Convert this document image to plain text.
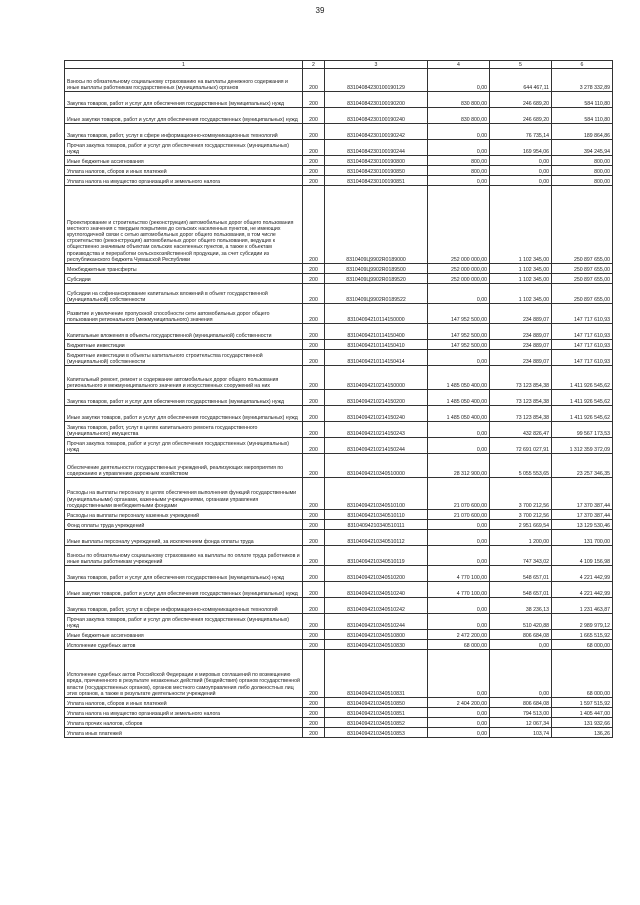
39
1	2	3	4	5	6
Взносы по обязательному социальному страхованию на выплаты денежного содержания и иные выплаты работникам государственных (муниципальных) органов	200	83104084230100190129	0,00	644 467,11	3 278 332,89
Закупка товаров, работ и услуг для обеспечения государственных (муниципальных) нужд	200	83104084230100190200	830 800,00	246 689,20	584 110,80
Иные закупки товаров, работ и услуг для обеспечения государственных (муниципальных) нужд	200	83104084230100190240	830 800,00	246 689,20	584 110,80
Закупка товаров, работ, услуг в сфере информационно-коммуникационных технологий	200	83104084230100190242	0,00	76 735,14	189 864,86
Прочая закупка товаров, работ и услуг для обеспечения государственных (муниципальных) нужд	200	83104084230100190244	0,00	169 954,06	394 245,94
Иные бюджетные ассигнования	200	83104084230100190800	800,00	0,00	800,00
Уплата налогов, сборов и иных платежей	200	83104084230100190850	800,00	0,00	800,00
Уплата налога на имущество организаций и земельного налога	200	83104084230100190851	0,00	0,00	800,00
Проектирование и строительство (реконструкция) автомобильных дорог общего пользования местного значения с твердым покрытием до сельских населенных пунктов, не имеющих круглогодичной связи с сетью автомобильных дорог общего пользования, в том числе строительство (реконструкция) автомобильных дорог общего пользования, ведущих к общественно значимым объектам сельских населенных пунктов, а также к объектам производства и переработки сельскохозяйственной продукции, за счет субсидии из республиканского бюджета Чувашской Республики	200	8310409Ц9902R0189000	252 000 000,00	1 102 345,00	250 897 655,00
Межбюджетные трансферты	200	8310409Ц9902R0189500	252 000 000,00	1 102 345,00	250 897 655,00
Субсидии	200	8310409Ц9902R0189520	252 000 000,00	1 102 345,00	250 897 655,00
Субсидии на софинансирование капитальных вложений в объект государственной (муниципальной) собственности	200	8310409Ц9902R0189522	0,00	1 102 345,00	250 897 655,00
Развитие и увеличение пропускной способности сети автомобильных дорог общего пользования регионального (межмуниципального) значения	200	83104094210114150000	147 952 500,00	234 889,07	147 717 610,93
Капитальные вложения в объекты государственной (муниципальной) собственности	200	83104094210114150400	147 952 500,00	234 889,07	147 717 610,93
Бюджетные инвестиции	200	83104094210114150410	147 952 500,00	234 889,07	147 717 610,93
Бюджетные инвестиции в объекты капитального строительства государственной (муниципальной) собственности	200	83104094210114150414	0,00	234 889,07	147 717 610,93
Капитальный ремонт, ремонт и содержание автомобильных дорог общего пользования регионального и межмуниципального значения и искусственных сооружений на них	200	83104094210214150000	1 485 050 400,00	73 123 854,38	1 411 926 545,62
Закупка товаров, работ и услуг для обеспечения государственных (муниципальных) нужд	200	83104094210214150200	1 485 050 400,00	73 123 854,38	1 411 926 545,62
Иные закупки товаров, работ и услуг для обеспечения государственных (муниципальных) нужд	200	83104094210214150240	1 485 050 400,00	73 123 854,38	1 411 926 545,62
Закупка товаров, работ, услуг в целях капитального ремонта государственного (муниципального) имущества	200	83104094210214150243	0,00	432 826,47	99 567 173,53
Прочая закупка товаров, работ и услуг для обеспечения государственных (муниципальных) нужд	200	83104094210214150244	0,00	72 691 027,91	1 312 359 372,09
Обеспечение деятельности государственных учреждений, реализующих мероприятия по содержанию и управлению дорожным хозяйством	200	83104094210340510000	28 312 900,00	5 055 553,65	23 257 346,35
Расходы на выплаты персоналу в целях обеспечения выполнения функций государственными (муниципальными) органами, казенными учреждениями, органами управления государственными внебюджетными фондами	200	83104094210340510100	21 070 600,00	3 700 212,56	17 370 387,44
Расходы на выплаты персоналу казенных учреждений	200	83104094210340510110	21 070 600,00	3 700 212,56	17 370 387,44
Фонд оплаты труда учреждений	200	83104094210340510111	0,00	2 951 669,54	13 129 530,46
Иные выплаты персоналу учреждений, за исключением фонда оплаты труда	200	83104094210340510112	0,00	1 200,00	131 700,00
Взносы по обязательному социальному страхованию на выплаты по оплате труда работников и иные выплаты работникам учреждений	200	83104094210340510119	0,00	747 343,02	4 109 156,98
Закупка товаров, работ и услуг для обеспечения государственных (муниципальных) нужд	200	83104094210340510200	4 770 100,00	548 657,01	4 221 442,99
Иные закупки товаров, работ и услуг для обеспечения государственных (муниципальных) нужд	200	83104094210340510240	4 770 100,00	548 657,01	4 221 442,99
Закупка товаров, работ, услуг в сфере информационно-коммуникационных технологий	200	83104094210340510242	0,00	38 236,13	1 231 463,87
Прочая закупка товаров, работ и услуг для обеспечения государственных (муниципальных) нужд	200	83104094210340510244	0,00	510 420,88	2 989 979,12
Иные бюджетные ассигнования	200	83104094210340510800	2 472 200,00	806 684,08	1 665 515,92
Исполнение судебных актов	200	83104094210340510830	68 000,00	0,00	68 000,00
Исполнение судебных актов Российской Федерации и мировых соглашений по возмещению вреда, причиненного в результате незаконных действий (бездействия) органов государственной власти (государственных органов), органов местного самоуправления либо должностных лиц этих органов, а также в результате деятельности учреждений	200	83104094210340510831	0,00	0,00	68 000,00
Уплата налогов, сборов и иных платежей	200	83104094210340510850	2 404 200,00	806 684,08	1 597 515,92
Уплата налога на имущество организаций и земельного налога	200	83104094210340510851	0,00	794 513,00	1 405 447,00
Уплата прочих налогов, сборов	200	83104094210340510852	0,00	12 067,34	131 932,66
Уплата иных платежей	200	83104094210340510853	0,00	103,74	136,26
